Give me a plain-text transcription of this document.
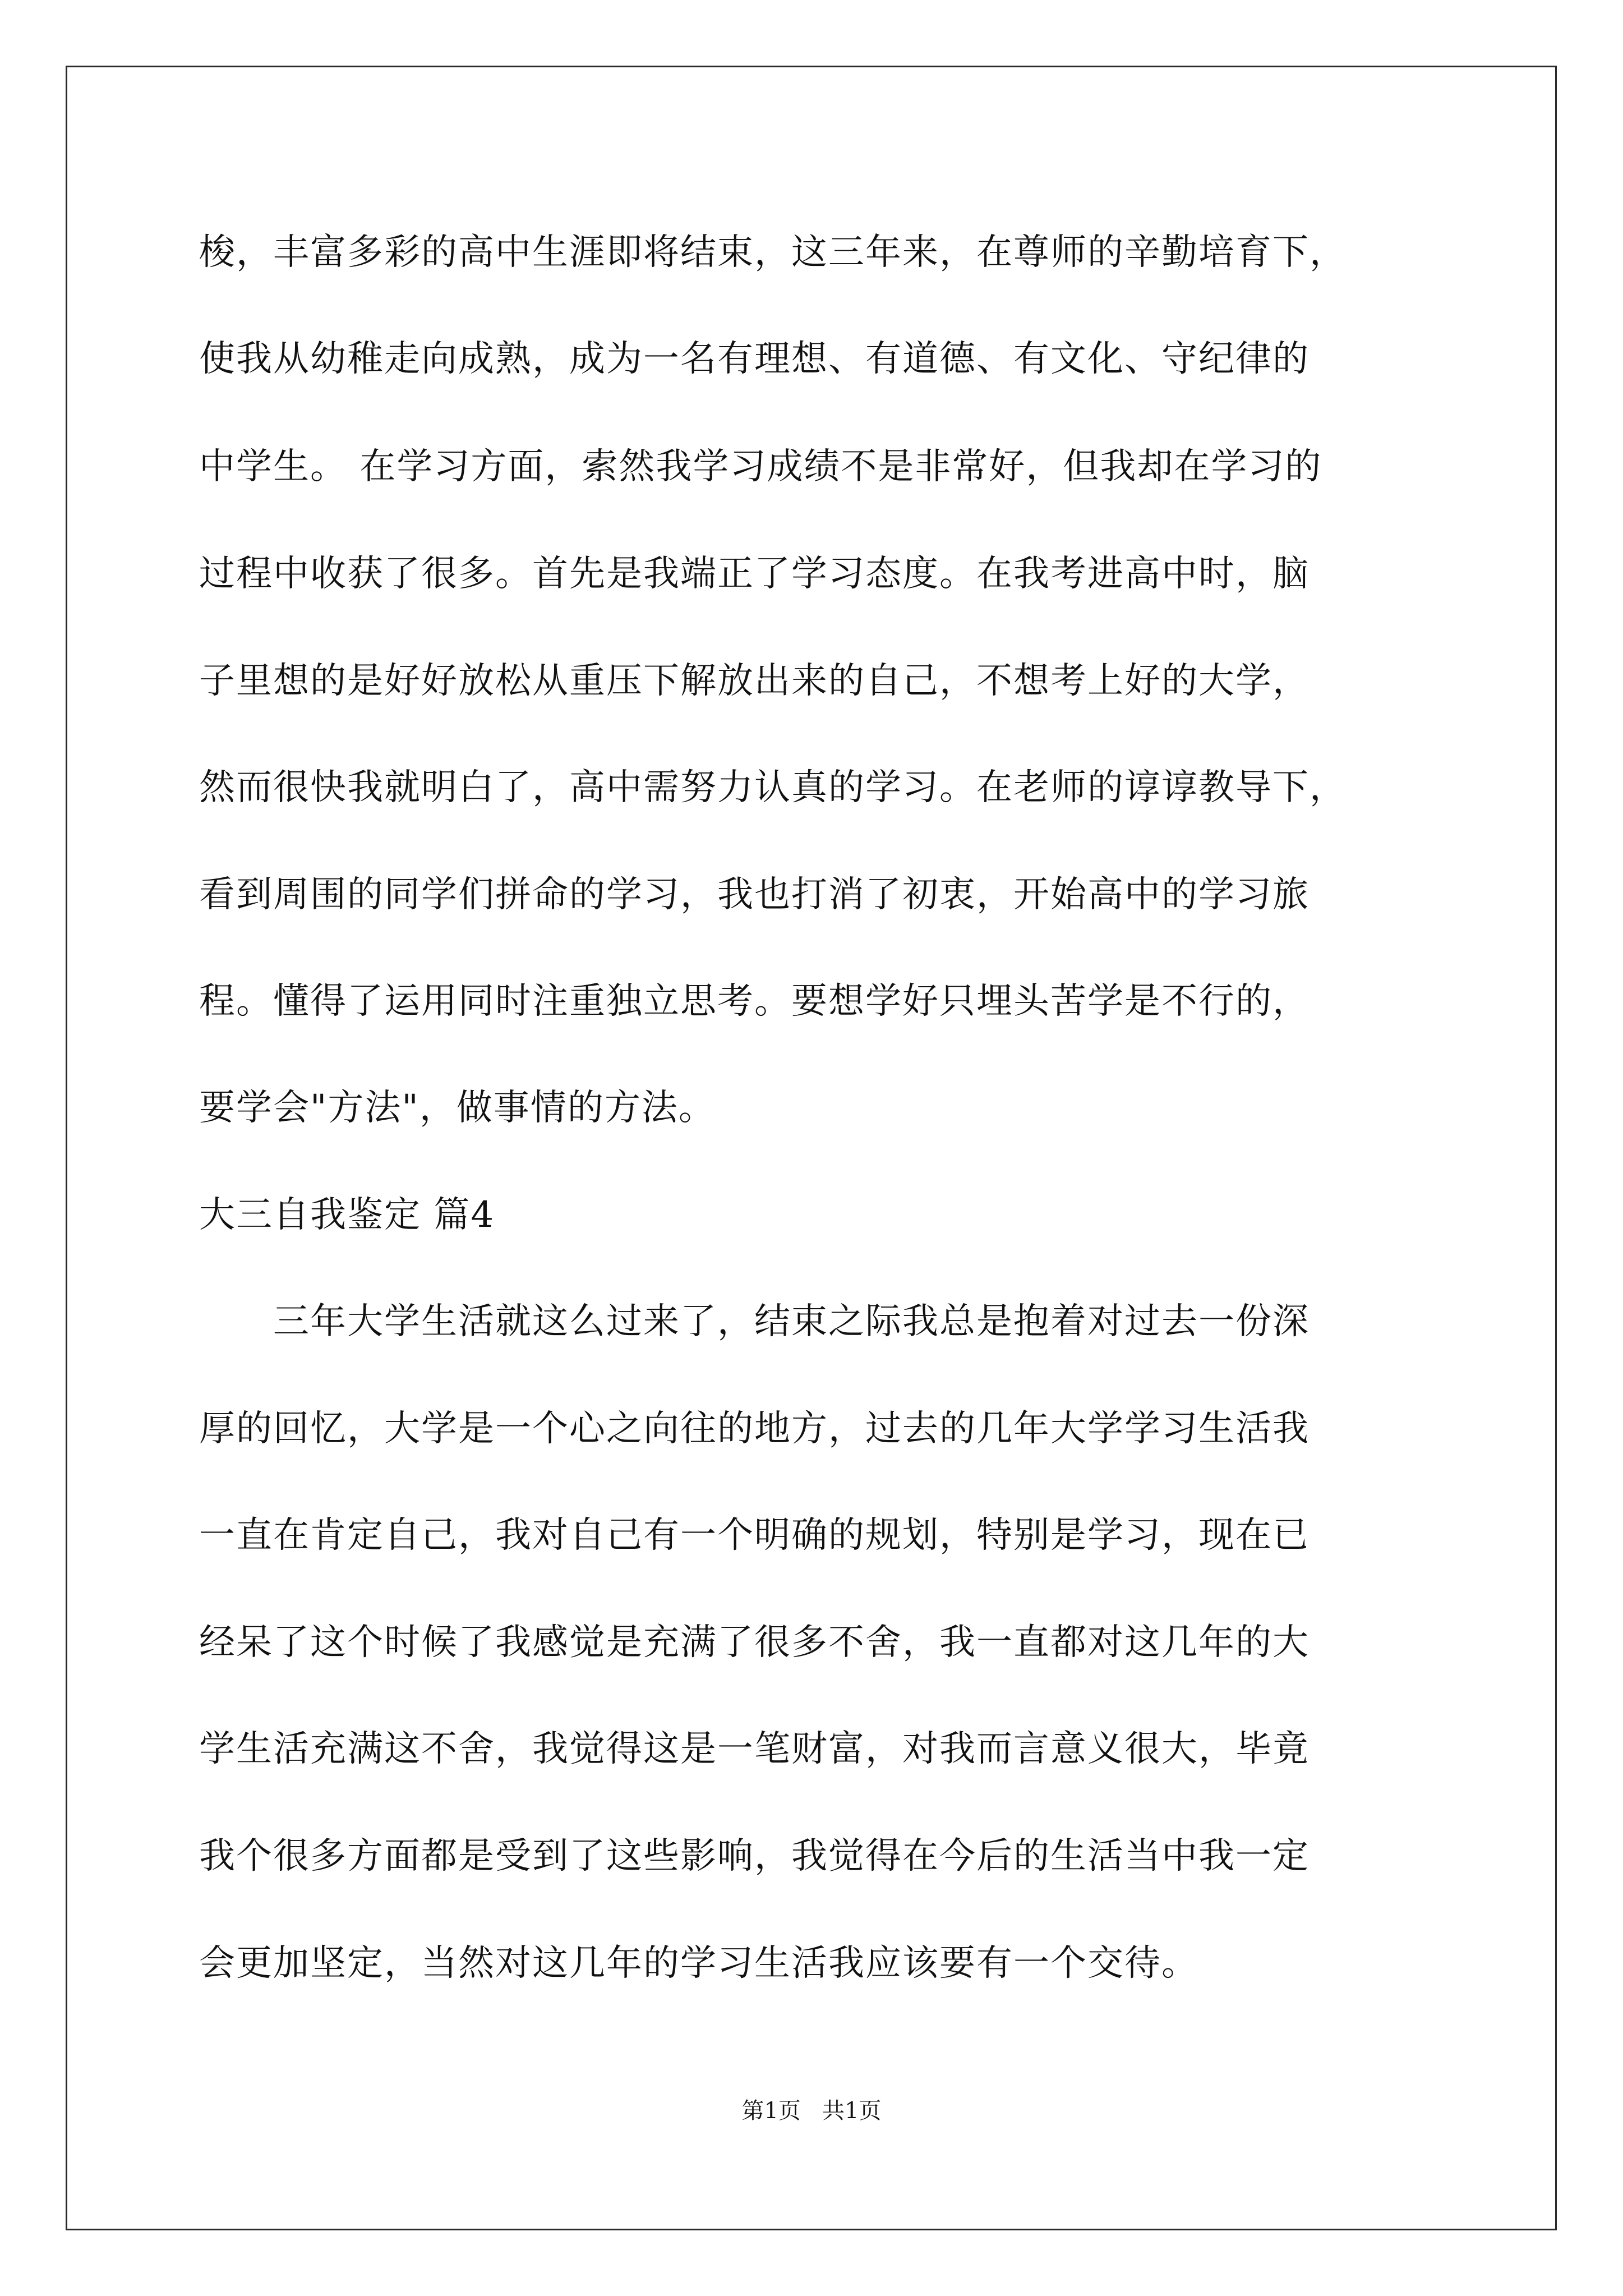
梭，丰富多彩的高中生涯即将结束，这三年来，在尊师的辛勤培育下，
使我从幼稚走向成熟，成为一名有理想、有道德、有文化、守纪律的
中学生。 在学习方面，索然我学习成绩不是非常好，但我却在学习的
过程中收获了很多。首先是我端正了学习态度。在我考进高中时，脑
子里想的是好好放松从重压下解放出来的自己，不想考上好的大学，
然而很快我就明白了，高中需努力认真的学习。在老师的谆谆教导下，
看到周围的同学们拼命的学习，我也打消了初衷，开始高中的学习旅
程。懂得了运用同时注重独立思考。要想学好只埋头苦学是不行的，
要学会"方法"，做事情的方法。
大三自我鉴定 篇4
　　三年大学生活就这么过来了，结束之际我总是抱着对过去一份深
厚的回忆，大学是一个心之向往的地方，过去的几年大学学习生活我
一直在肯定自己，我对自己有一个明确的规划，特别是学习，现在已
经呆了这个时候了我感觉是充满了很多不舍，我一直都对这几年的大
学生活充满这不舍，我觉得这是一笔财富，对我而言意义很大，毕竟
我个很多方面都是受到了这些影响，我觉得在今后的生活当中我一定
会更加坚定，当然对这几年的学习生活我应该要有一个交待。
第1页   共1页
